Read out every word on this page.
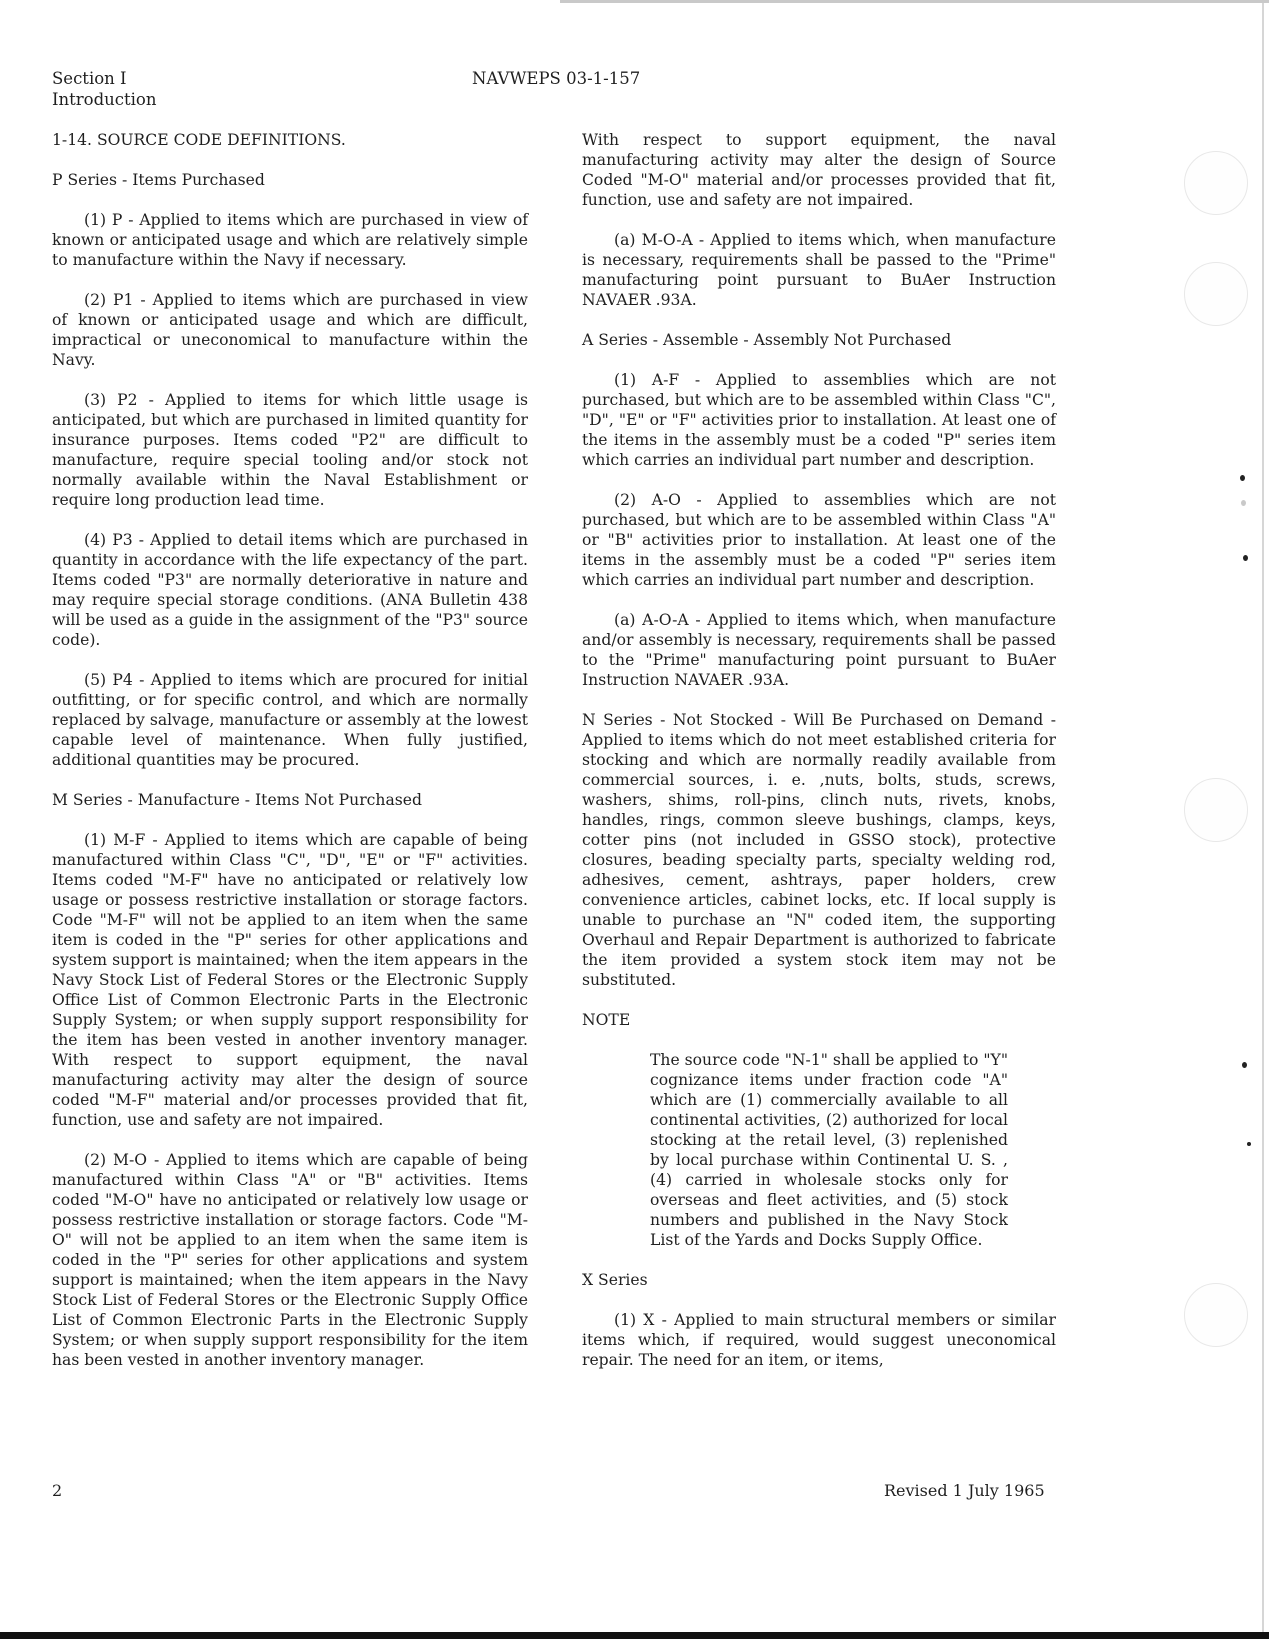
Section I
Introduction
NAVWEPS 03-1-157

1-14. SOURCE CODE DEFINITIONS.

P Series - Items Purchased

(1) P - Applied to items which are purchased in view of known or anticipated usage and which are relatively simple to manufacture within the Navy if necessary.

(2) P1 - Applied to items which are purchased in view of known or anticipated usage and which are difficult, impractical or uneconomical to manufacture within the Navy.

(3) P2 - Applied to items for which little usage is anticipated, but which are purchased in limited quantity for insurance purposes. Items coded "P2" are difficult to manufacture, require special tooling and/or stock not normally available within the Naval Establishment or require long production lead time.

(4) P3 - Applied to detail items which are purchased in quantity in accordance with the life expectancy of the part. Items coded "P3" are normally deteriorative in nature and may require special storage conditions. (ANA Bulletin 438 will be used as a guide in the assignment of the "P3" source code).

(5) P4 - Applied to items which are procured for initial outfitting, or for specific control, and which are normally replaced by salvage, manufacture or assembly at the lowest capable level of maintenance. When fully justified, additional quantities may be procured.

M Series - Manufacture - Items Not Purchased

(1) M-F - Applied to items which are capable of being manufactured within Class "C", "D", "E" or "F" activities. Items coded "M-F" have no anticipated or relatively low usage or possess restrictive installation or storage factors. Code "M-F" will not be applied to an item when the same item is coded in the "P" series for other applications and system support is maintained; when the item appears in the Navy Stock List of Federal Stores or the Electronic Supply Office List of Common Electronic Parts in the Electronic Supply System; or when supply support responsibility for the item has been vested in another inventory manager. With respect to support equipment, the naval manufacturing activity may alter the design of source coded "M-F" material and/or processes provided that fit, function, use and safety are not impaired.

(2) M-O - Applied to items which are capable of being manufactured within Class "A" or "B" activities. Items coded "M-O" have no anticipated or relatively low usage or possess restrictive installation or storage factors. Code "M-O" will not be applied to an item when the same item is coded in the "P" series for other applications and system support is maintained; when the item appears in the Navy Stock List of Federal Stores or the Electronic Supply Office List of Common Electronic Parts in the Electronic Supply System; or when supply support responsibility for the item has been vested in another inventory manager.

With respect to support equipment, the naval manufacturing activity may alter the design of Source Coded "M-O" material and/or processes provided that fit, function, use and safety are not impaired.

(a) M-O-A - Applied to items which, when manufacture is necessary, requirements shall be passed to the "Prime" manufacturing point pursuant to BuAer Instruction NAVAER .93A.

A Series - Assemble - Assembly Not Purchased

(1) A-F - Applied to assemblies which are not purchased, but which are to be assembled within Class "C", "D", "E" or "F" activities prior to installation. At least one of the items in the assembly must be a coded "P" series item which carries an individual part number and description.

(2) A-O - Applied to assemblies which are not purchased, but which are to be assembled within Class "A" or "B" activities prior to installation. At least one of the items in the assembly must be a coded "P" series item which carries an individual part number and description.

(a) A-O-A - Applied to items which, when manufacture and/or assembly is necessary, requirements shall be passed to the "Prime" manufacturing point pursuant to BuAer Instruction NAVAER .93A.

N Series - Not Stocked - Will Be Purchased on Demand - Applied to items which do not meet established criteria for stocking and which are normally readily available from commercial sources, i. e. ,nuts, bolts, studs, screws, washers, shims, roll-pins, clinch nuts, rivets, knobs, handles, rings, common sleeve bushings, clamps, keys, cotter pins (not included in GSSO stock), protective closures, beading specialty parts, specialty welding rod, adhesives, cement, ashtrays, paper holders, crew convenience articles, cabinet locks, etc. If local supply is unable to purchase an "N" coded item, the supporting Overhaul and Repair Department is authorized to fabricate the item provided a system stock item may not be substituted.

NOTE

The source code "N-1" shall be applied to "Y" cognizance items under fraction code "A" which are (1) commercially available to all continental activities, (2) authorized for local stocking at the retail level, (3) replenished by local purchase within Continental U. S. , (4) carried in wholesale stocks only for overseas and fleet activities, and (5) stock numbers and published in the Navy Stock List of the Yards and Docks Supply Office.

X Series

(1) X - Applied to main structural members or similar items which, if required, would suggest uneconomical repair. The need for an item, or items,

2	Revised 1 July 1965
